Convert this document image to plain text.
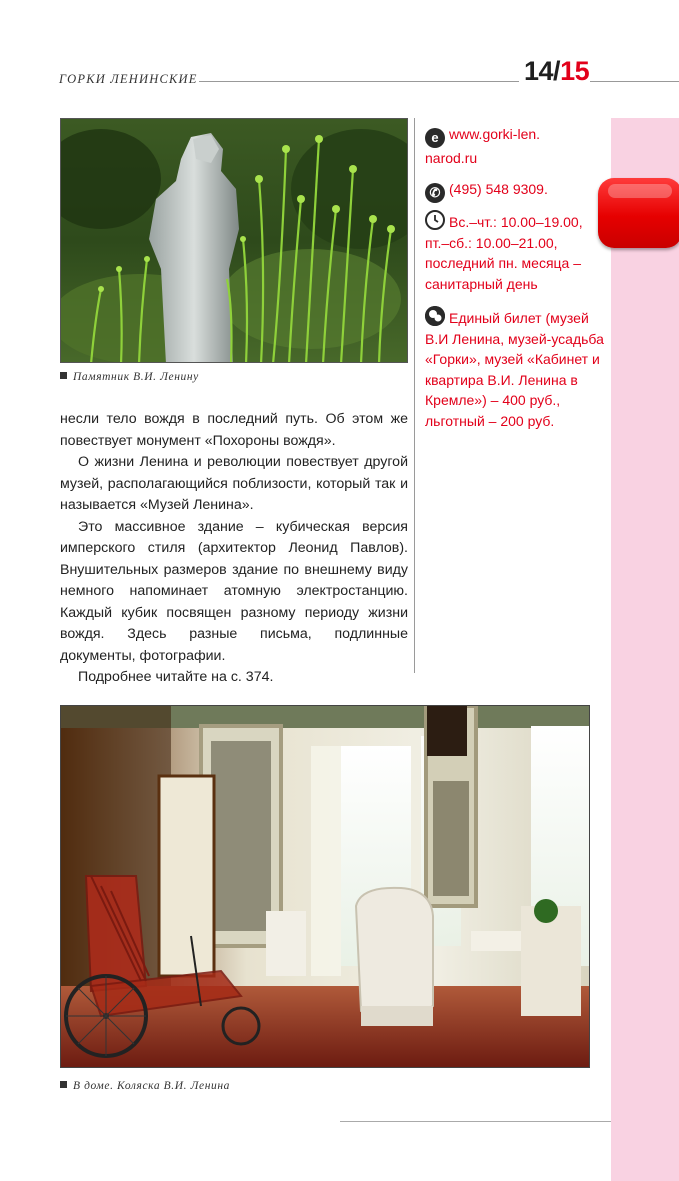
ГОРКИ ЛЕНИНСКИЕ	14/15
Памятник В.И. Ленину

несли тело вождя в последний путь. Об этом же повествует монумент «Похороны вождя».

О жизни Ленина и революции повествует другой музей, располагающийся поблизости, который так и называется «Музей Ленина».

Это массивное здание – кубическая версия имперского стиля (архитектор Леонид Павлов). Внушительных размеров здание по внешнему виду немного напоминает атомную электростанцию. Каждый кубик посвящен разному периоду жизни вождя. Здесь разные письма, подлинные документы, фотографии.

Подробнее читайте на с. 374.

e www.gorki-len.
narod.ru
✆ (495) 548 9309.
Вс.–чт.: 10.00–19.00, пт.–сб.: 10.00–21.00, последний пн. месяца – санитарный день
Единый билет (музей В.И Ленина, музей-усадьба «Горки», музей «Кабинет и квартира В.И. Ленина в Кремле») – 400 руб., льготный – 200 руб.
В доме. Коляска В.И. Ленина
